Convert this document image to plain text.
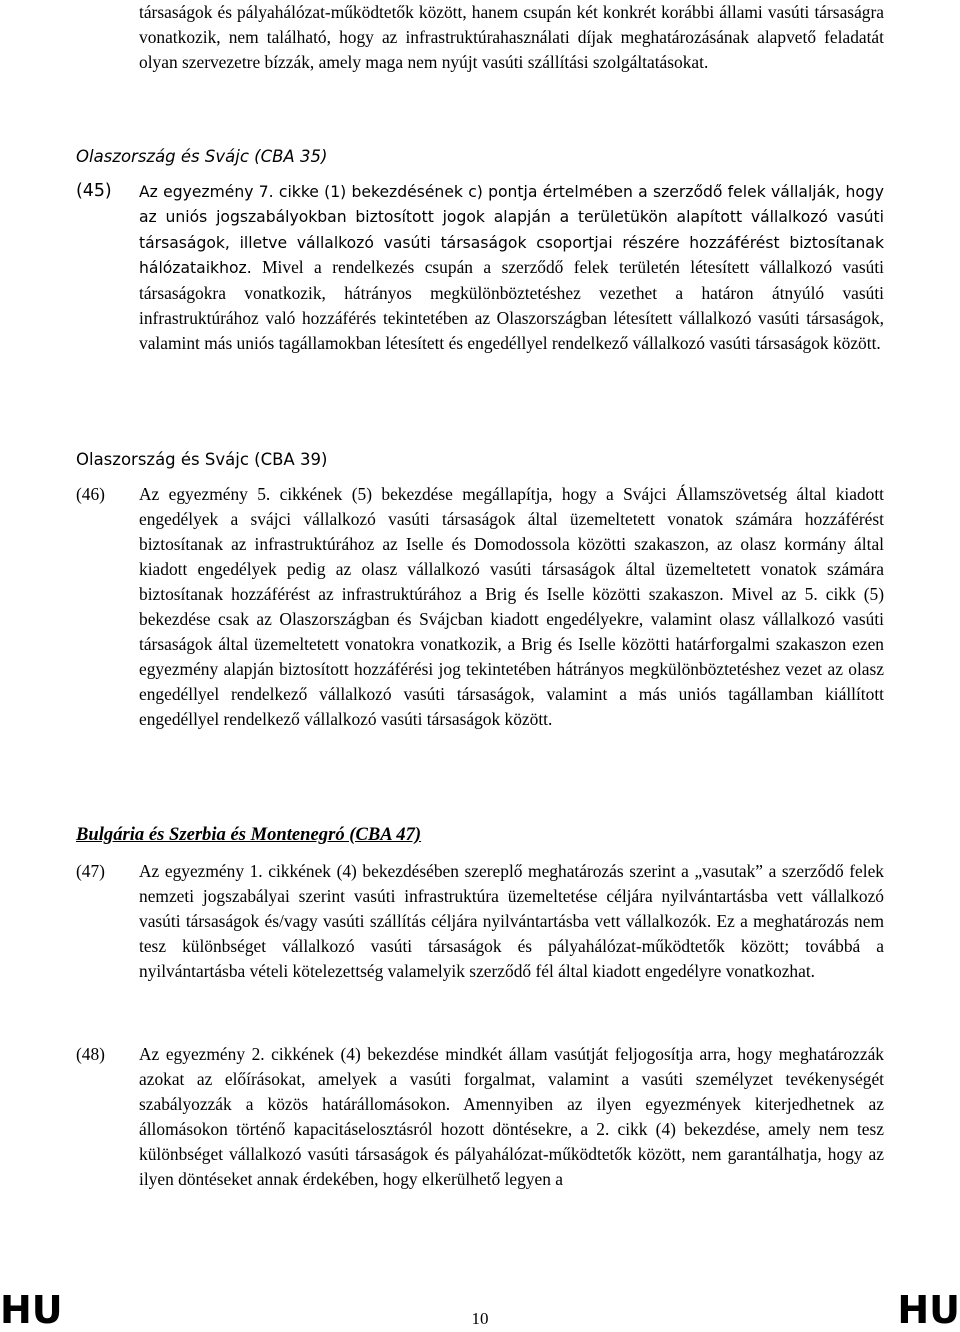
társaságok és pályahálózat-működtetők között, hanem csupán két konkrét korábbi állami vasúti társaságra vonatkozik, nem található, hogy az infrastruktúrahasználati díjak meghatározásának alapvető feladatát olyan szervezetre bízzák, amely maga nem nyújt vasúti szállítási szolgáltatásokat.

Olaszország és Svájc (CBA 35)

(45) Az egyezmény 7. cikke (1) bekezdésének c) pontja értelmében a szerződő felek vállalják, hogy az uniós jogszabályokban biztosított jogok alapján a területükön alapított vállalkozó vasúti társaságok, illetve vállalkozó vasúti társaságok csoportjai részére hozzáférést biztosítanak hálózataikhoz. Mivel a rendelkezés csupán a szerződő felek területén létesített vállalkozó vasúti társaságokra vonatkozik, hátrányos megkülönböztetéshez vezethet a határon átnyúló vasúti infrastruktúrához való hozzáférés tekintetében az Olaszországban létesített vállalkozó vasúti társaságok, valamint más uniós tagállamokban létesített és engedéllyel rendelkező vállalkozó vasúti társaságok között.

Olaszország és Svájc (CBA 39)

(46) Az egyezmény 5. cikkének (5) bekezdése megállapítja, hogy a Svájci Államszövetség által kiadott engedélyek a svájci vállalkozó vasúti társaságok által üzemeltetett vonatok számára hozzáférést biztosítanak az infrastruktúrához az Iselle és Domodossola közötti szakaszon, az olasz kormány által kiadott engedélyek pedig az olasz vállalkozó vasúti társaságok által üzemeltetett vonatok számára biztosítanak hozzáférést az infrastruktúrához a Brig és Iselle közötti szakaszon. Mivel az 5. cikk (5) bekezdése csak az Olaszországban és Svájcban kiadott engedélyekre, valamint olasz vállalkozó vasúti társaságok által üzemeltetett vonatokra vonatkozik, a Brig és Iselle közötti határforgalmi szakaszon ezen egyezmény alapján biztosított hozzáférési jog tekintetében hátrányos megkülönböztetéshez vezet az olasz engedéllyel rendelkező vállalkozó vasúti társaságok, valamint a más uniós tagállamban kiállított engedéllyel rendelkező vállalkozó vasúti társaságok között.

Bulgária és Szerbia és Montenegró (CBA 47)

(47) Az egyezmény 1. cikkének (4) bekezdésében szereplő meghatározás szerint a „vasutak” a szerződő felek nemzeti jogszabályai szerint vasúti infrastruktúra üzemeltetése céljára nyilvántartásba vett vállalkozó vasúti társaságok és/vagy vasúti szállítás céljára nyilvántartásba vett vállalkozók. Ez a meghatározás nem tesz különbséget vállalkozó vasúti társaságok és pályahálózat-működtetők között; továbbá a nyilvántartásba vételi kötelezettség valamelyik szerződő fél által kiadott engedélyre vonatkozhat.
(48) Az egyezmény 2. cikkének (4) bekezdése mindkét állam vasútját feljogosítja arra, hogy meghatározzák azokat az előírásokat, amelyek a vasúti forgalmat, valamint a vasúti személyzet tevékenységét szabályozzák a közös határállomásokon. Amennyiben az ilyen egyezmények kiterjedhetnek az állomásokon történő kapacitáselosztásról hozott döntésekre, a 2. cikk (4) bekezdése, amely nem tesz különbséget vállalkozó vasúti társaságok és pályahálózat-működtetők között, nem garantálhatja, hogy az ilyen döntéseket annak érdekében, hogy elkerülhető legyen a
HU	10	HU
